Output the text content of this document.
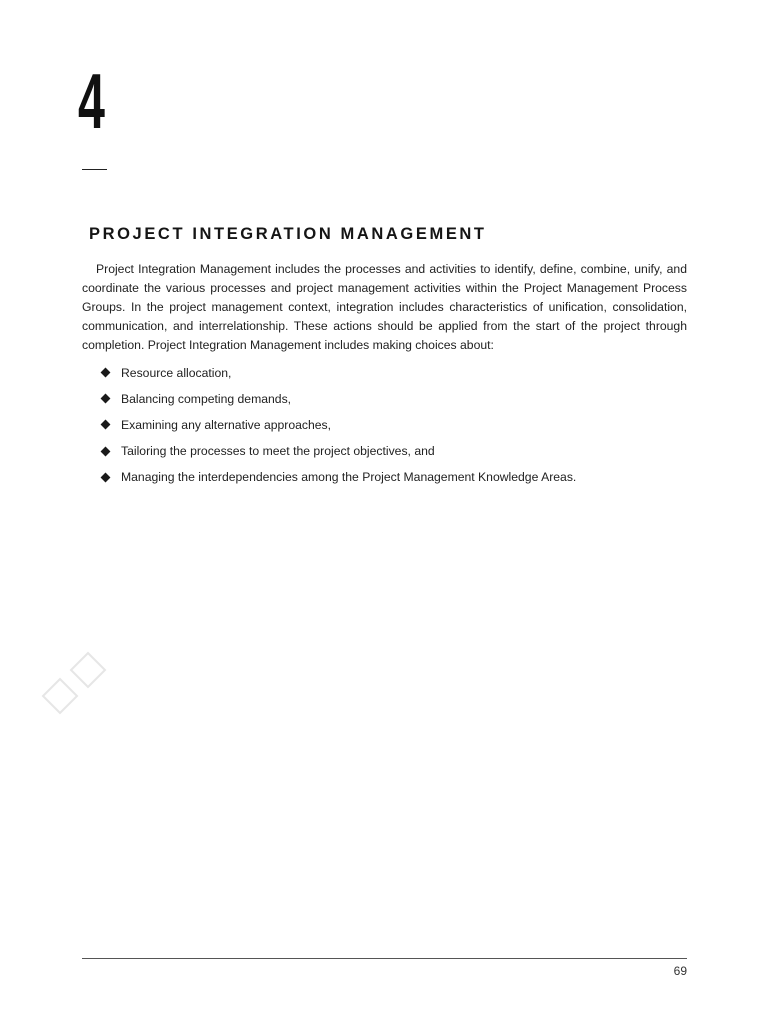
4
PROJECT INTEGRATION MANAGEMENT

Project Integration Management includes the processes and activities to identify, define, combine, unify, and coordinate the various processes and project management activities within the Project Management Process Groups. In the project management context, integration includes characteristics of unification, consolidation, communication, and interrelationship. These actions should be applied from the start of the project through completion. Project Integration Management includes making choices about:

Resource allocation,
Balancing competing demands,
Examining any alternative approaches,
Tailoring the processes to meet the project objectives, and
Managing the interdependencies among the Project Management Knowledge Areas.
69
